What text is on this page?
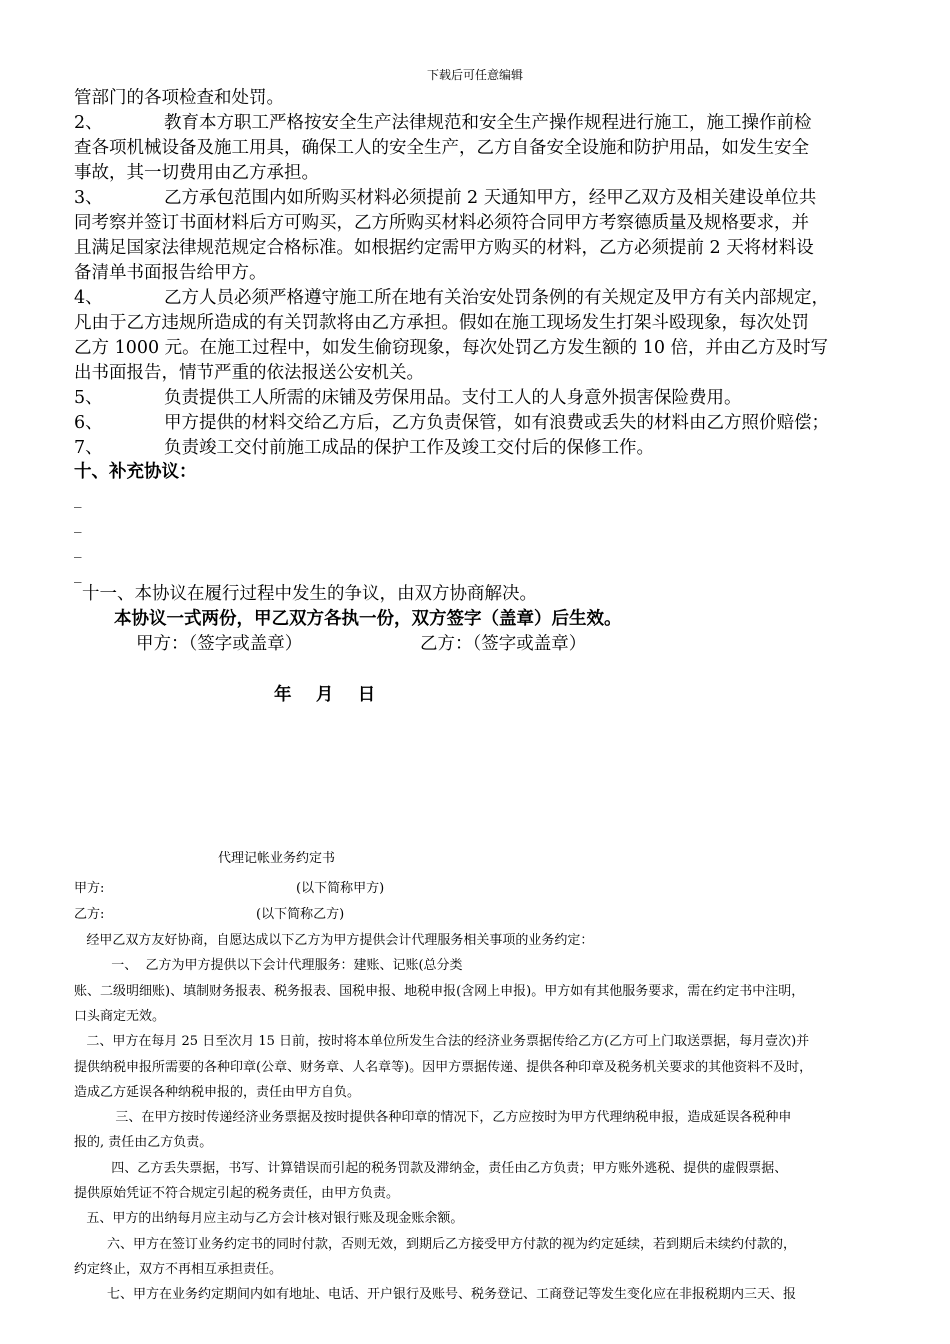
下载后可任意编辑
管部门的各项检查和处罚。
2、	教育本方职工严格按安全生产法律规范和安全生产操作规程进行施工，施工操作前检
查各项机械设备及施工用具，确保工人的安全生产，乙方自备安全设施和防护用品，如发生安全
事故，其一切费用由乙方承担。
3、	乙方承包范围内如所购买材料必须提前 2 天通知甲方，经甲乙双方及相关建设单位共
同考察并签订书面材料后方可购买，乙方所购买材料必须符合同甲方考察德质量及规格要求，并
且满足国家法律规范规定合格标准。如根据约定需甲方购买的材料，乙方必须提前 2 天将材料设
备清单书面报告给甲方。
4、	乙方人员必须严格遵守施工所在地有关治安处罚条例的有关规定及甲方有关内部规定，
凡由于乙方违规所造成的有关罚款将由乙方承担。假如在施工现场发生打架斗殴现象，每次处罚
乙方 1000 元。在施工过程中，如发生偷窃现象，每次处罚乙方发生额的 10 倍，并由乙方及时写
出书面报告，情节严重的依法报送公安机关。
5、	负责提供工人所需的床铺及劳保用品。支付工人的人身意外损害保险费用。
6、	甲方提供的材料交给乙方后，乙方负责保管，如有浪费或丢失的材料由乙方照价赔偿；
7、	负责竣工交付前施工成品的保护工作及竣工交付后的保修工作。
十、补充协议：
_
_
_
_
十一、本协议在履行过程中发生的争议，由双方协商解决。
本协议一式两份，甲乙双方各执一份，双方签字（盖章）后生效。
甲方：（签字或盖章）	乙方：（签字或盖章）
年    月    日
代理记帐业务约定书
甲方:	(以下简称甲方)
乙方:	(以下简称乙方)
经甲乙双方友好协商，自愿达成以下乙方为甲方提供会计代理服务相关事项的业务约定：
一、  乙方为甲方提供以下会计代理服务：建账、记账(总分类
账、二级明细账)、填制财务报表、税务报表、国税申报、地税申报(含网上申报)。甲方如有其他服务要求，需在约定书中注明，
口头商定无效。
二、甲方在每月 25 日至次月 15 日前，按时将本单位所发生合法的经济业务票据传给乙方(乙方可上门取送票据，每月壹次)并
提供纳税申报所需要的各种印章(公章、财务章、人名章等)。因甲方票据传递、提供各种印章及税务机关要求的其他资料不及时，
造成乙方延误各种纳税申报的，责任由甲方自负。
三、在甲方按时传递经济业务票据及按时提供各种印章的情况下，乙方应按时为甲方代理纳税申报，造成延误各税种申
报的, 责任由乙方负责。
四、乙方丢失票据，书写、计算错误而引起的税务罚款及滞纳金，责任由乙方负责；甲方账外逃税、提供的虚假票据、
提供原始凭证不符合规定引起的税务责任，由甲方负责。
五、甲方的出纳每月应主动与乙方会计核对银行账及现金账余额。
六、甲方在签订业务约定书的同时付款，否则无效，到期后乙方接受甲方付款的视为约定延续，若到期后未续约付款的，
约定终止，双方不再相互承担责任。
七、甲方在业务约定期间内如有地址、电话、开户银行及账号、税务登记、工商登记等发生变化应在非报税期内三天、报
